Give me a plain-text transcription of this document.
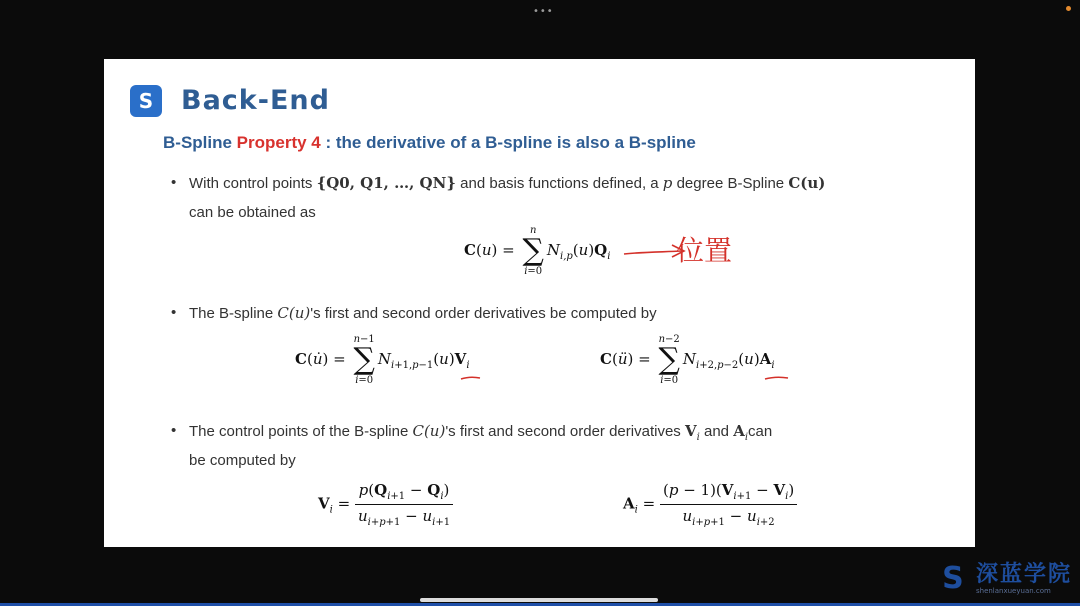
•••
S	Back-End
B-Spline Property 4 : the derivative of a B-spline is also a B-spline
• With control points {Q0, Q1, …, QN} and basis functions defined, a p degree B-Spline C(u)
can be obtained as
C(u) = n
∑
$i=0N_{i,p}(u)Q_i$ 位置
• The B-spline C(u)'s first and second order derivatives be computed by
C(u̇) = n−1
∑
$i=0N_{i+1,p-1}(u)V_i$	C(ü) = n−2
∑
$i=0N_{i+2,p-2}(u)A_i$
• The control points of the B-spline C(u)'s first and second order derivatives $V_i$ and $A_ican$
be computed by
$V_i = \frac{p(Q_{i+1} - Q_i)}{u_{i+p+1} - u_{i+1}}$	$A_i = \frac{(p - 1)(V_{i+1} - V_i)}{u_{i+p+1} - u_{i+2}}$
S 深蓝学院
shenlanxueyuan.com
